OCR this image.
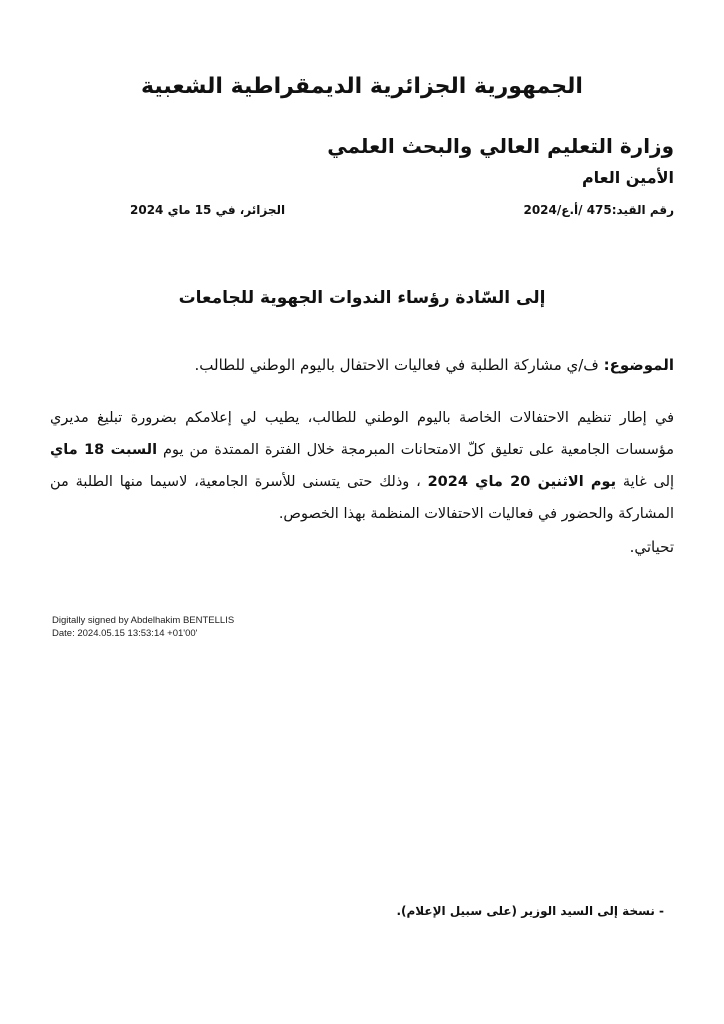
الجمهورية الجزائرية الديمقراطية الشعبية
وزارة التعليم العالي والبحث العلمي
الأمين العام
رقم القيد:475 /أ.ع/2024
الجزائر، في 15 ماي 2024
إلى السّادة رؤساء الندوات الجهوية للجامعات
الموضوع: ف/ي مشاركة الطلبة في فعاليات الاحتفال باليوم الوطني للطالب.
في إطار تنظيم الاحتفالات الخاصة باليوم الوطني للطالب، يطيب لي إعلامكم بضرورة تبليغ مديري مؤسسات الجامعية على تعليق كلّ الامتحانات المبرمجة خلال الفترة الممتدة من يوم السبت 18 ماي إلى غاية يوم الاثنين 20 ماي 2024 ، وذلك حتى يتسنى للأسرة الجامعية، لاسيما منها الطلبة من المشاركة والحضور في فعاليات الاحتفالات المنظمة بهذا الخصوص.
تحياتي.
Digitally signed by Abdelhakim BENTELLIS
Date: 2024.05.15 13:53:14 +01'00'
- نسخة إلى السيد الوزير (على سبيل الإعلام).
